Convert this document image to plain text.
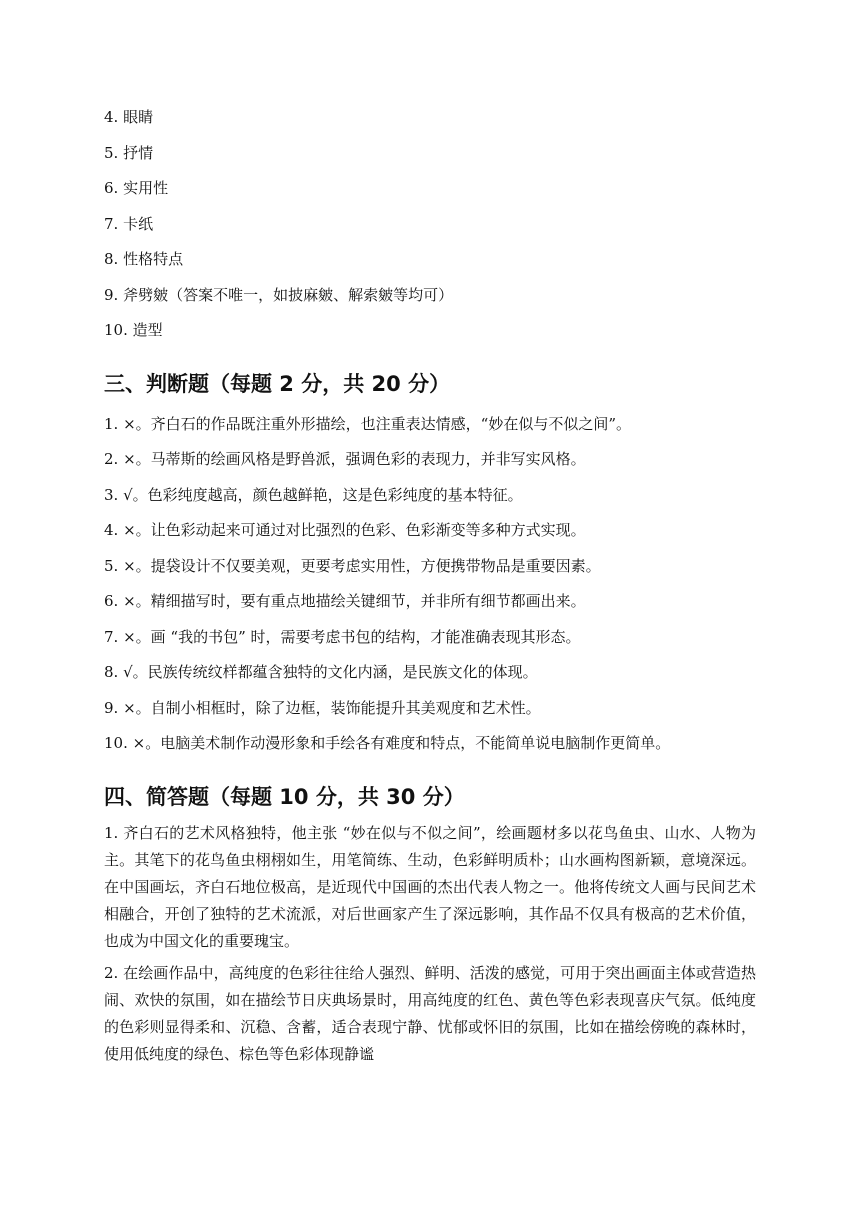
4. 眼睛
5. 抒情
6. 实用性
7. 卡纸
8. 性格特点
9. 斧劈皴（答案不唯一，如披麻皴、解索皴等均可）
10. 造型
三、判断题（每题 2 分，共 20 分）
1. ×。齐白石的作品既注重外形描绘，也注重表达情感，“妙在似与不似之间”。
2. ×。马蒂斯的绘画风格是野兽派，强调色彩的表现力，并非写实风格。
3. √。色彩纯度越高，颜色越鲜艳，这是色彩纯度的基本特征。
4. ×。让色彩动起来可通过对比强烈的色彩、色彩渐变等多种方式实现。
5. ×。提袋设计不仅要美观，更要考虑实用性，方便携带物品是重要因素。
6. ×。精细描写时，要有重点地描绘关键细节，并非所有细节都画出来。
7. ×。画 “我的书包” 时，需要考虑书包的结构，才能准确表现其形态。
8. √。民族传统纹样都蕴含独特的文化内涵，是民族文化的体现。
9. ×。自制小相框时，除了边框，装饰能提升其美观度和艺术性。
10. ×。电脑美术制作动漫形象和手绘各有难度和特点，不能简单说电脑制作更简单。
四、简答题（每题 10 分，共 30 分）

1. 齐白石的艺术风格独特，他主张 “妙在似与不似之间”，绘画题材多以花鸟鱼虫、山水、人物为主。其笔下的花鸟鱼虫栩栩如生，用笔简练、生动，色彩鲜明质朴；山水画构图新颖，意境深远。在中国画坛，齐白石地位极高，是近现代中国画的杰出代表人物之一。他将传统文人画与民间艺术相融合，开创了独特的艺术流派，对后世画家产生了深远影响，其作品不仅具有极高的艺术价值，也成为中国文化的重要瑰宝。

2. 在绘画作品中，高纯度的色彩往往给人强烈、鲜明、活泼的感觉，可用于突出画面主体或营造热闹、欢快的氛围，如在描绘节日庆典场景时，用高纯度的红色、黄色等色彩表现喜庆气氛。低纯度的色彩则显得柔和、沉稳、含蓄，适合表现宁静、忧郁或怀旧的氛围，比如在描绘傍晚的森林时，使用低纯度的绿色、棕色等色彩体现静谧
